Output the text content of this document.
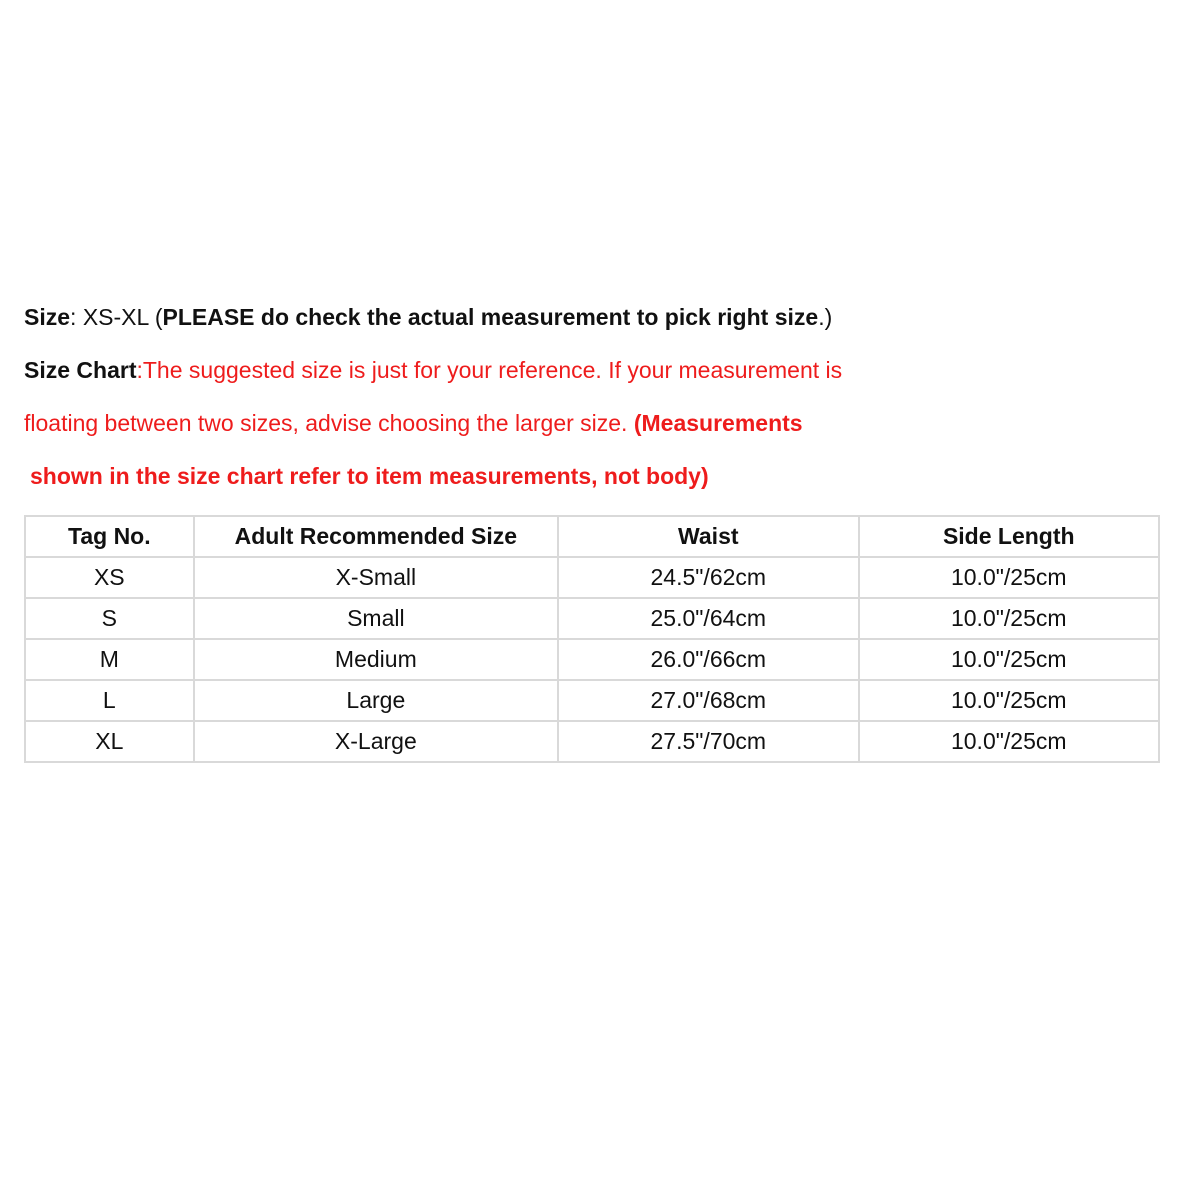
Size: XS-XL (PLEASE do check the actual measurement to pick right size.)
Size Chart:The suggested size is just for your reference. If your measurement is
floating between two sizes, advise choosing the larger size. (Measurements
shown in the size chart refer to item measurements, not body)
Tag No.	Adult Recommended Size	Waist	Side Length
XS	X-Small	24.5"/62cm	10.0"/25cm
S	Small	25.0"/64cm	10.0"/25cm
M	Medium	26.0"/66cm	10.0"/25cm
L	Large	27.0"/68cm	10.0"/25cm
XL	X-Large	27.5"/70cm	10.0"/25cm
